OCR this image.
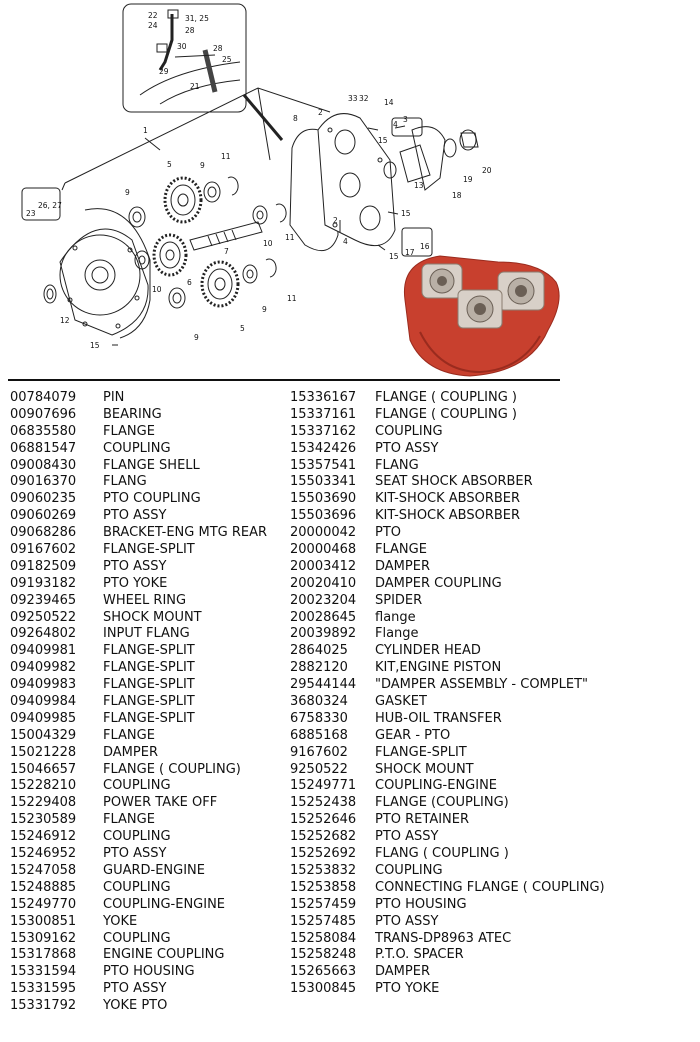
22
24
31, 25
28
30
29
21
28
25
1
2
8
33 32 14
4
3
15
5	9
11
9
13
19
20
18
23
26, 27
7
10
11
15
6
10
17
16
15
2
4
9
11
12
5
9
15
00784079 PIN
00907696 BEARING
06835580 FLANGE
06881547 COUPLING
09008430 FLANGE SHELL
09016370 FLANG
09060235 PTO COUPLING
09060269 PTO ASSY
09068286 BRACKET-ENG MTG REAR
09167602 FLANGE-SPLIT
09182509 PTO ASSY
09193182 PTO YOKE
09239465 WHEEL RING
09250522 SHOCK MOUNT
09264802 INPUT FLANG
09409981 FLANGE-SPLIT
09409982 FLANGE-SPLIT
09409983 FLANGE-SPLIT
09409984 FLANGE-SPLIT
09409985 FLANGE-SPLIT
15004329 FLANGE
15021228 DAMPER
15046657 FLANGE ( COUPLING)
15228210 COUPLING
15229408 POWER TAKE OFF
15230589 FLANGE
15246912 COUPLING
15246952 PTO ASSY
15247058 GUARD-ENGINE
15248885 COUPLING
15249770 COUPLING-ENGINE
15300851 YOKE
15309162 COUPLING
15317868 ENGINE COUPLING
15331594 PTO HOUSING
15331595 PTO ASSY
15331792 YOKE PTO
15336167 FLANGE ( COUPLING )
15337161 FLANGE ( COUPLING )
15337162 COUPLING
15342426 PTO ASSY
15357541 FLANG
15503341 SEAT SHOCK ABSORBER
15503690 KIT-SHOCK ABSORBER
15503696 KIT-SHOCK ABSORBER
20000042 PTO
20000468 FLANGE
20003412 DAMPER
20020410 DAMPER COUPLING
20023204 SPIDER
20028645 flange
20039892 Flange
2864025 CYLINDER HEAD
2882120 KIT,ENGINE PISTON
29544144 "DAMPER ASSEMBLY - COMPLET"
3680324 GASKET
6758330 HUB-OIL TRANSFER
6885168 GEAR - PTO
9167602 FLANGE-SPLIT
9250522 SHOCK MOUNT
15249771 COUPLING-ENGINE
15252438 FLANGE (COUPLING)
15252646 PTO RETAINER
15252682 PTO ASSY
15252692 FLANG ( COUPLING )
15253832 COUPLING
15253858 CONNECTING FLANGE ( COUPLING)
15257459 PTO HOUSING
15257485 PTO ASSY
15258084 TRANS-DP8963 ATEC
15258248 P.T.O. SPACER
15265663 DAMPER
15300845 PTO YOKE
